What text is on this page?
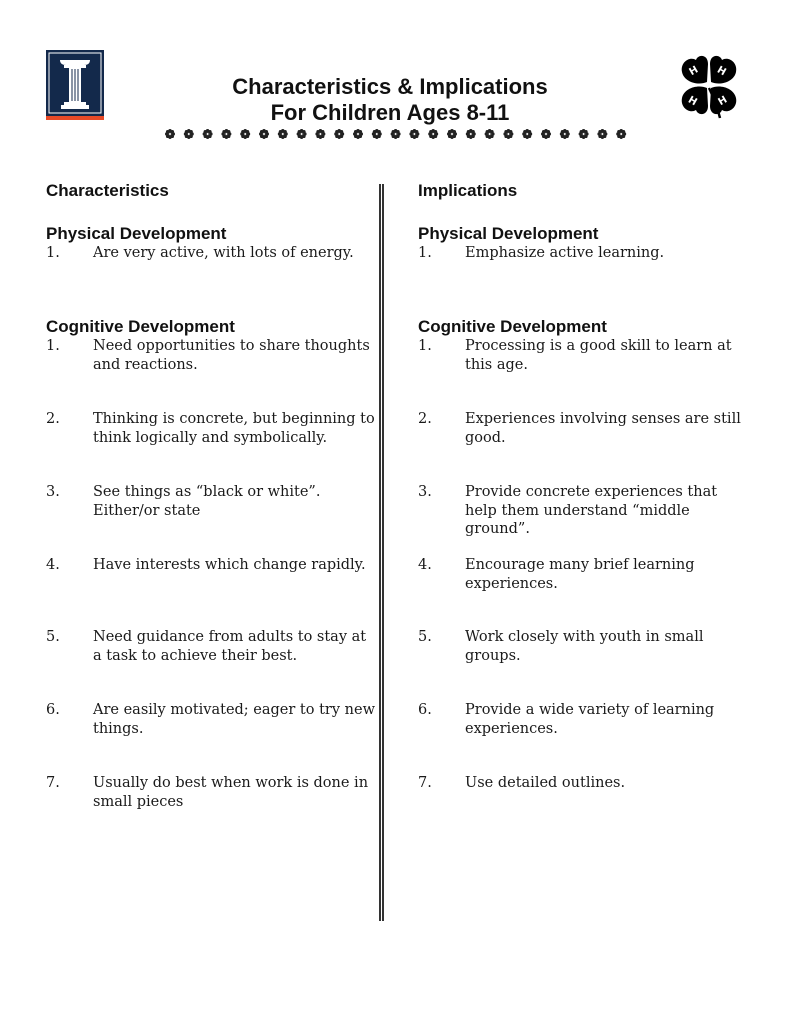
Characteristics & Implications
For Children Ages 8-11
H H
H H
Characteristics
Physical Development
1. Are very active, with lots of energy.
Cognitive Development
1. Need opportunities to share thoughts and reactions.
2. Thinking is concrete, but beginning to think logically and symbolically.
3. See things as “black or white”. Either/or state
4. Have interests which change rapidly.
5. Need guidance from adults to stay at a task to achieve their best.
6. Are easily motivated; eager to try new things.
7. Usually do best when work is done in small pieces
Implications
Physical Development
1. Emphasize active learning.
Cognitive Development
1. Processing is a good skill to learn at this age.
2. Experiences involving senses are still good.
3. Provide concrete experiences that help them understand “middle ground”.
4. Encourage many brief learning experiences.
5. Work closely with youth in small groups.
6. Provide a wide variety of learning experiences.
7. Use detailed outlines.
